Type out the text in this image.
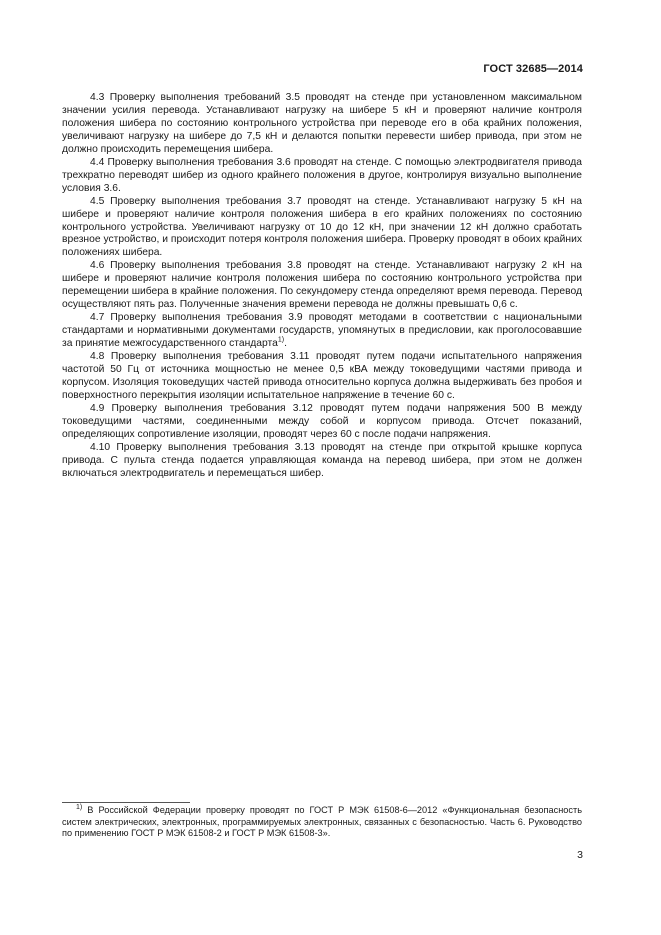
ГОСТ 32685—2014

4.3 Проверку выполнения требований 3.5 проводят на стенде при установленном максимальном значении усилия перевода. Устанавливают нагрузку на шибере 5 кН и проверяют наличие контроля положения шибера по состоянию контрольного устройства при переводе его в оба крайних положения, увеличивают нагрузку на шибере до 7,5 кН и делаются попытки перевести шибер привода, при этом не должно происходить перемещения шибера.

4.4 Проверку выполнения требования 3.6 проводят на стенде. С помощью электродвигателя привода трехкратно переводят шибер из одного крайнего положения в другое, контролируя визуально выполнение условия 3.6.

4.5 Проверку выполнения требования 3.7 проводят на стенде. Устанавливают нагрузку 5 кН на шибере и проверяют наличие контроля положения шибера в его крайних положениях по состоянию контрольного устройства. Увеличивают нагрузку от 10 до 12 кН, при значении 12 кН должно сработать врезное устройство, и происходит потеря контроля положения шибера. Проверку проводят в обоих крайних положениях шибера.

4.6 Проверку выполнения требования 3.8 проводят на стенде. Устанавливают нагрузку 2 кН на шибере и проверяют наличие контроля положения шибера по состоянию контрольного устройства при перемещении шибера в крайние положения. По секундомеру стенда определяют время перевода. Перевод осуществляют пять раз. Полученные значения времени перевода не должны превышать 0,6 с.

4.7 Проверку выполнения требования 3.9 проводят методами в соответствии с национальными стандартами и нормативными документами государств, упомянутых в предисловии, как проголосовавшие за принятие межгосударственного стандарта$^{1)}$.

4.8 Проверку выполнения требования 3.11 проводят путем подачи испытательного напряжения частотой 50 Гц от источника мощностью не менее 0,5 кВА между токоведущими частями привода и корпусом. Изоляция токоведущих частей привода относительно корпуса должна выдерживать без пробоя и поверхностного перекрытия изоляции испытательное напряжение в течение 60 с.

4.9 Проверку выполнения требования 3.12 проводят путем подачи напряжения 500 В между токоведущими частями, соединенными между собой и корпусом привода. Отсчет показаний, определяющих сопротивление изоляции, проводят через 60 с после подачи напряжения.

4.10 Проверку выполнения требования 3.13 проводят на стенде при открытой крышке корпуса привода. С пульта стенда подается управляющая команда на перевод шибера, при этом не должен включаться электродвигатель и перемещаться шибер.

$^{1)}$ В Российской Федерации проверку проводят по ГОСТ Р МЭК 61508-6—2012 «Функциональная безопасность систем электрических, электронных, программируемых электронных, связанных с безопасностью. Часть 6. Руководство по применению ГОСТ Р МЭК 61508-2 и ГОСТ Р МЭК 61508-3».

3
